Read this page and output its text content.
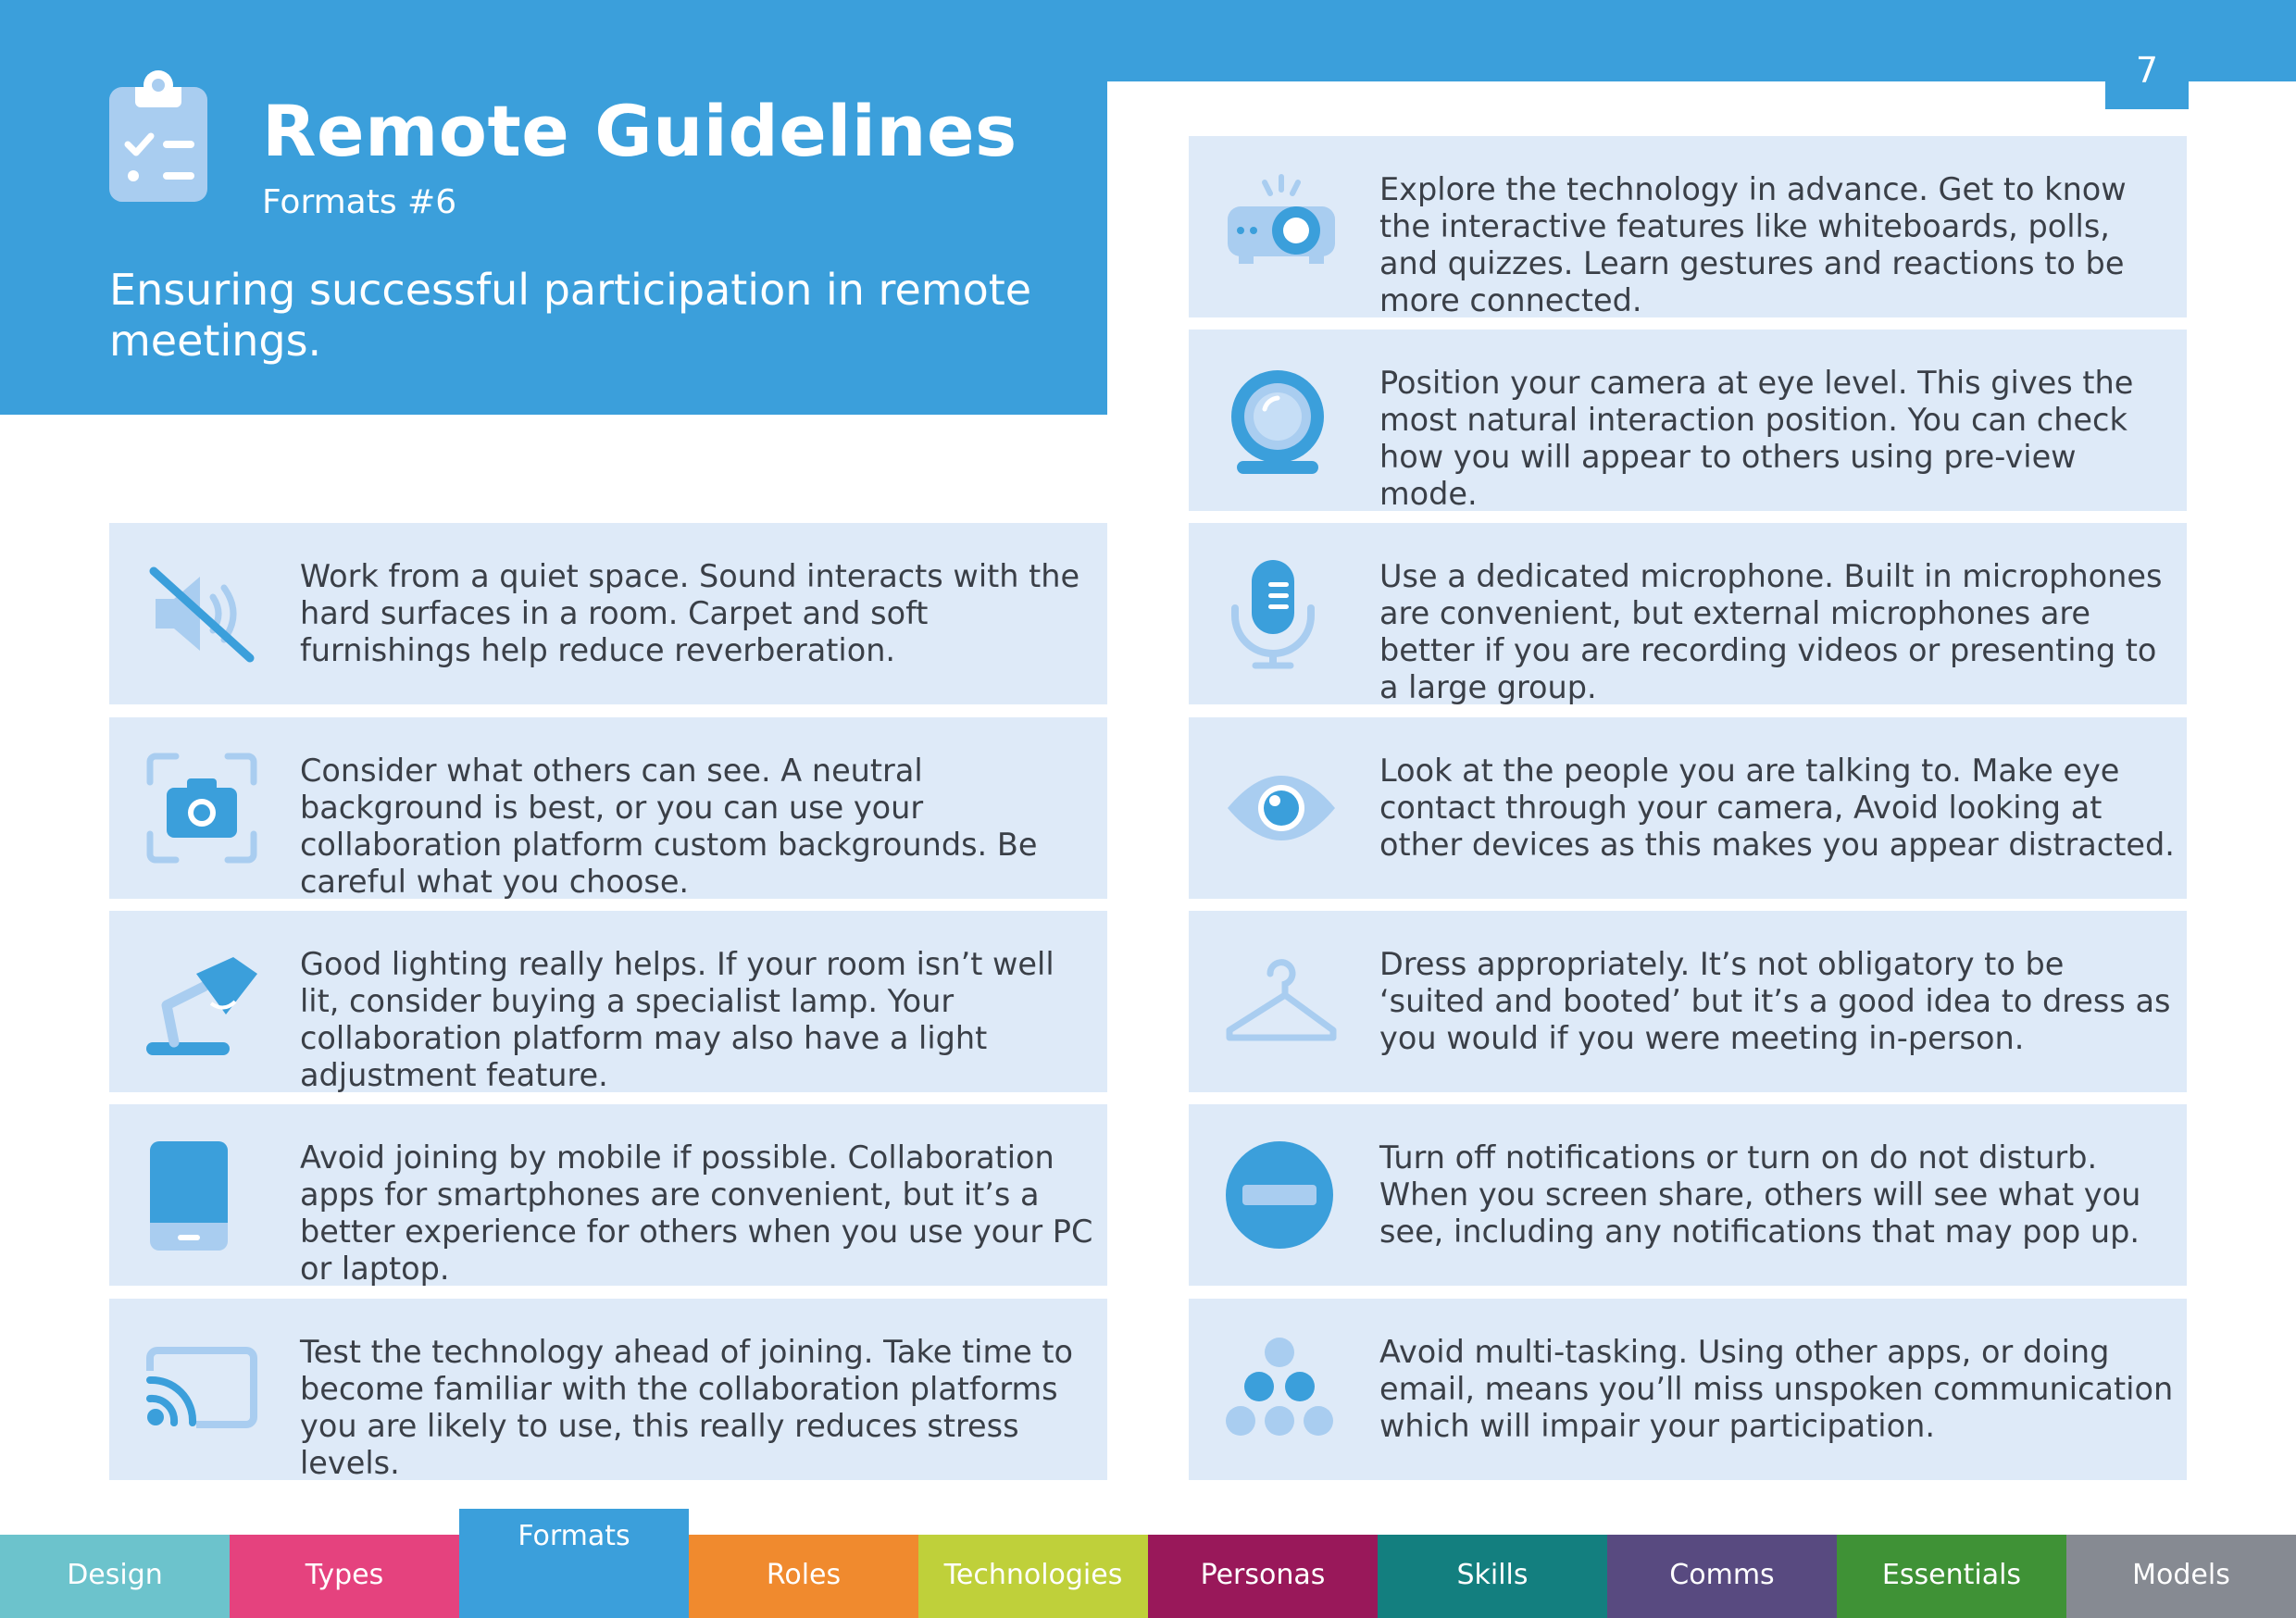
Remote Guidelines

Formats #6

Ensuring successful participation in remote meetings.

7
Work from a quiet space. Sound interacts with the hard surfaces in a room. Carpet and soft furnishings help reduce reverberation.
Consider what others can see. A neutral background is best, or you can use your collaboration platform custom backgrounds. Be careful what you choose.
Good lighting really helps. If your room isn’t well lit, consider buying a specialist lamp. Your collaboration platform may also have a light adjustment feature.
Avoid joining by mobile if possible. Collaboration apps for smartphones are convenient, but it’s a better experience for others when you use your PC or laptop.
Test the technology ahead of joining. Take time to become familiar with the collaboration platforms you are likely to use, this really reduces stress levels.
Explore the technology in advance. Get to know the interactive features like whiteboards, polls, and quizzes. Learn gestures and reactions to be more connected.
Position your camera at eye level. This gives the most natural interaction position. You can check how you will appear to others using pre-view mode.
Use a dedicated microphone. Built in microphones are convenient, but external microphones are better if you are recording videos or presenting to a large group.
Look at the people you are talking to. Make eye contact through your camera, Avoid looking at other devices as this makes you appear distracted.
Dress appropriately. It’s not obligatory to be ‘suited and booted’ but it’s a good idea to dress as you would if you were meeting in-person.
Turn off notifications or turn on do not disturb. When you screen share, others will see what you see, including any notifications that may pop up.
Avoid multi-tasking. Using other apps, or doing email, means you’ll miss unspoken communication which will impair your participation.
Design	Types
Formats
Roles	Technologies	Personas	Skills	Comms	Essentials	Models
